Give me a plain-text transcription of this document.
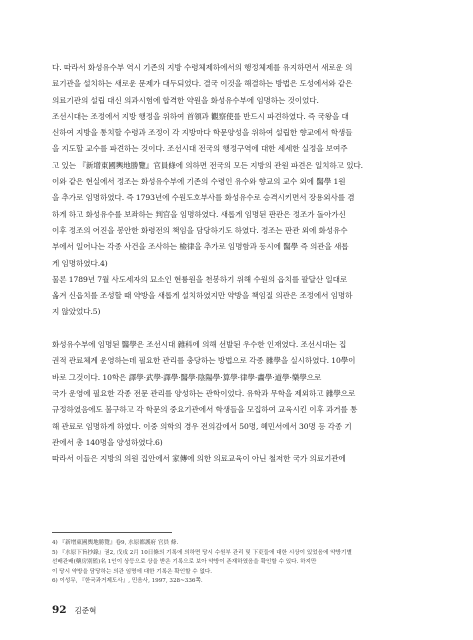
다. 따라서 화성유수부 역시 기존의 지방 수령체제하에서의 행정체제를 유지하면서 새로운 의
료기관을 설치하는 새로운 문제가 대두되었다. 결국 이것을 해결하는 방법은 도성에서와 같은
의료기관의 설립 대신 의과시험에 합격한 약원을 화성유수부에 임명하는 것이었다.
조선시대는 조정에서 지방 행정을 위하여 首領과 觀察使를 반드시 파견하였다. 즉 국왕을 대
신하여 지방을 통치할 수령과 조정이 각 지방마다 학문양성을 위하여 설립한 향교에서 학생들
을 지도할 교수를 파견하는 것이다. 조선시대 전국의 행정구역에 대한 세세한 실정을 보여주
고 있는 『新增東國輿地勝覽』官員條에 의하면 전국의 모든 지방의 관원 파견은 일치하고 있다.
이와 같은 현실에서 정조는 화성유수부에 기존의 수령인 유수와 향교의 교수 외에 醫學 1원
을 추가로 임명하였다. 즉 1793년에 수원도호부사를 화성유수로 승격시키면서 장용외사를 겸
하게 하고 화성유수를 보좌하는 判官을 임명하였다. 새롭게 임명된 판관은 정조가 돌아가신
이후 정조의 어진을 봉안한 화령전의 책임을 담당하기도 하였다. 정조는 판관 외에 화성유수
부에서 일어나는 각종 사건을 조사하는 檢律을 추가로 임명함과 동시에 醫學 즉 의관을 새롭
게 임명하였다.4)
물론 1789년 7월 사도세자의 묘소인 현륭원을 천봉하기 위해 수원의 읍치를 팔달산 일대로
옮겨 신읍치를 조성할 때 약방을 새롭게 설치하였지만 약방을 책임질 의관은 조정에서 임명하
지 않았었다.5)
화성유수부에 임명된 醫學은 조선시대 雜科에 의해 선발된 우수한 인재였다. 조선시대는 집
권적 관료체계 운영하는데 필요한 관리를 충당하는 방법으로 각종 雜學을 실시하였다. 10學이
바로 그것이다. 10학은 譯學·武學·譯學·醫學·陰陽學·算學·律學·畵學·道學·樂學으로
국가 운영에 필요한 각종 전문 관리를 양성하는 관학이었다. 유학과 무학을 제외하고 雜學으로
규정하였음에도 불구하고 각 학문의 중요기관에서 학생들을 모집하여 교육시킨 이후 과거를 통
해 관료로 임명하게 하였다. 이중 의학의 경우 전의감에서 50명, 혜민서에서 30명 등 각종 기
관에서 총 140명을 양성하였다.6)
따라서 이들은 지방의 의원 집안에서 家傳에 의한 의료교육이 아닌 철저한 국가 의료기관에
4) 『新增東國輿地勝覽』卷9, 水原都護府 官員 條.
5) 『水原下旨抄錄』권2, 戊戌 2月 10日條의 기록에 의하면 당시 수원부 관리 및 下吏들에 대한 시상이 있었음에 약방기별
선배관배(藥房別監)名 1인이 상등으로 상을 받은 기록으로 보아 약방이 존재하였음을 확인할 수 있다. 하지만
이 당시 약방을 담당하는 의관 임명에 대한 기록은 확인할 수 없다.
6) 이성무, 『한국과거제도사』, 민음사, 1997, 328~336쪽.
92 김준혁
